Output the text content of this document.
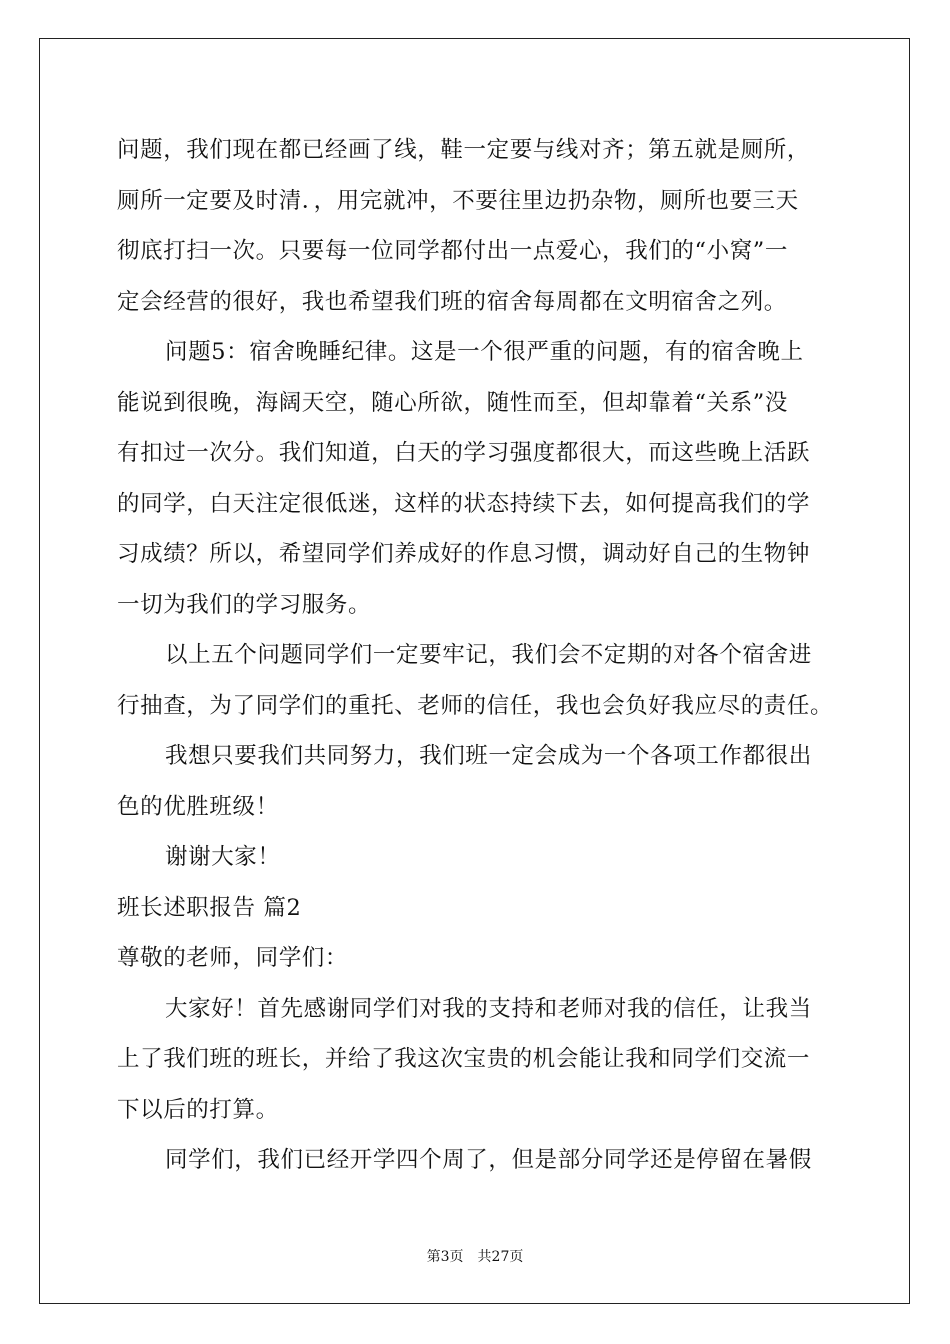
问题，我们现在都已经画了线，鞋一定要与线对齐；第五就是厕所，
厕所一定要及时清．，用完就冲，不要往里边扔杂物，厕所也要三天
彻底打扫一次。只要每一位同学都付出一点爱心，我们的“小窝”一
定会经营的很好，我也希望我们班的宿舍每周都在文明宿舍之列。
问题5：宿舍晚睡纪律。这是一个很严重的问题，有的宿舍晚上
能说到很晚，海阔天空，随心所欲，随性而至，但却靠着“关系”没
有扣过一次分。我们知道，白天的学习强度都很大，而这些晚上活跃
的同学，白天注定很低迷，这样的状态持续下去，如何提高我们的学
习成绩？所以，希望同学们养成好的作息习惯，调动好自己的生物钟
一切为我们的学习服务。
以上五个问题同学们一定要牢记，我们会不定期的对各个宿舍进
行抽查，为了同学们的重托、老师的信任，我也会负好我应尽的责任。
我想只要我们共同努力，我们班一定会成为一个各项工作都很出
色的优胜班级！
谢谢大家！
班长述职报告 篇2
尊敬的老师，同学们：
大家好！首先感谢同学们对我的支持和老师对我的信任，让我当
上了我们班的班长，并给了我这次宝贵的机会能让我和同学们交流一
下以后的打算。
同学们，我们已经开学四个周了，但是部分同学还是停留在暑假
第3页 共27页
